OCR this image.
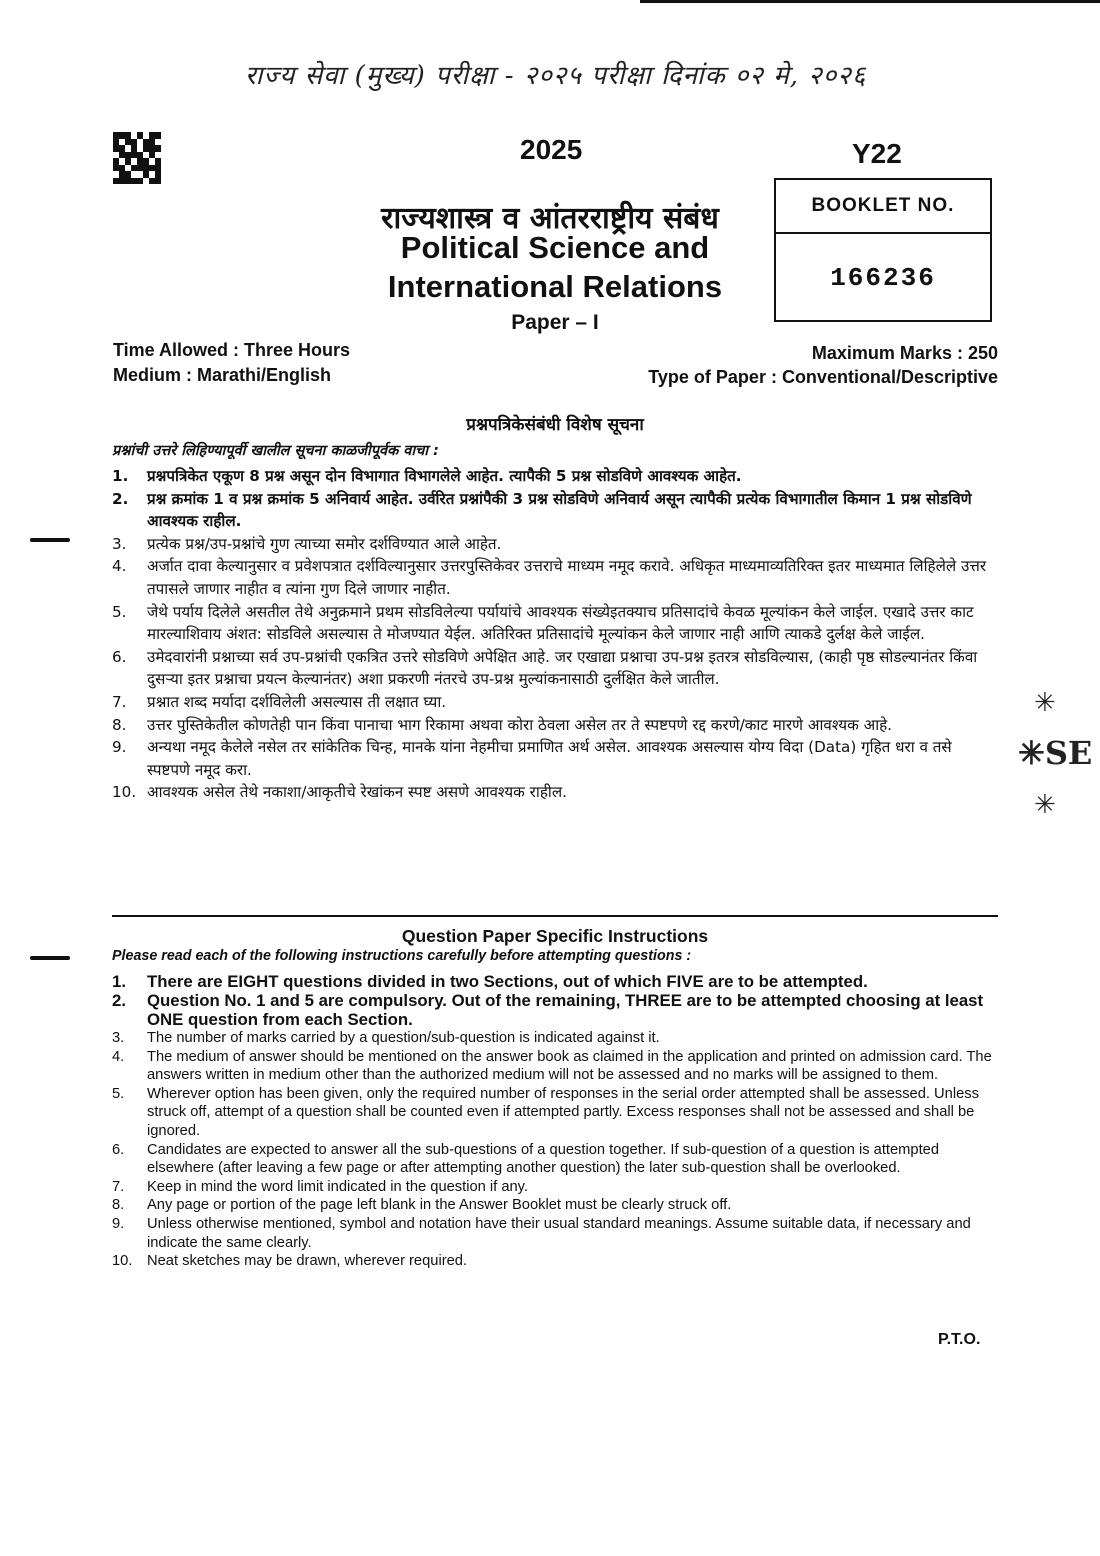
राज्य सेवा (मुख्य) परीक्षा - २०२५ परीक्षा दिनांक ०२ मे, २०२६
2025	Y22
BOOKLET NO.
166236
राज्यशास्त्र व आंतरराष्ट्रीय संबंध
Political Science and
International Relations
Paper – I
Time Allowed : Three Hours
Medium : Marathi/English
Maximum Marks : 250
Type of Paper : Conventional/Descriptive
प्रश्नपत्रिकेसंबंधी विशेष सूचना
प्रश्नांची उत्तरे लिहिण्यापूर्वी खालील सूचना काळजीपूर्वक वाचा :
1.	प्रश्नपत्रिकेत एकूण 8 प्रश्न असून दोन विभागात विभागलेले आहेत. त्यापैकी 5 प्रश्न सोडविणे आवश्यक आहेत.
2.	प्रश्न क्रमांक 1 व प्रश्न क्रमांक 5 अनिवार्य आहेत. उर्वरित प्रश्नांपैकी 3 प्रश्न सोडविणे अनिवार्य असून त्यापैकी प्रत्येक विभागातील किमान 1 प्रश्न सोडविणे आवश्यक राहील.
3.	प्रत्येक प्रश्न/उप-प्रश्नांचे गुण त्याच्या समोर दर्शविण्यात आले आहेत.
4.	अर्जात दावा केल्यानुसार व प्रवेशपत्रात दर्शविल्यानुसार उत्तरपुस्तिकेवर उत्तराचे माध्यम नमूद करावे. अधिकृत माध्यमाव्यतिरिक्त इतर माध्यमात लिहिलेले उत्तर तपासले जाणार नाहीत व त्यांना गुण दिले जाणार नाहीत.
5.	जेथे पर्याय दिलेले असतील तेथे अनुक्रमाने प्रथम सोडविलेल्या पर्यायांचे आवश्यक संख्येइतक्याच प्रतिसादांचे केवळ मूल्यांकन केले जाईल. एखादे उत्तर काट मारल्याशिवाय अंशत: सोडविले असल्यास ते मोजण्यात येईल. अतिरिक्त प्रतिसादांचे मूल्यांकन केले जाणार नाही आणि त्याकडे दुर्लक्ष केले जाईल.
6.	उमेदवारांनी प्रश्नाच्या सर्व उप-प्रश्नांची एकत्रित उत्तरे सोडविणे अपेक्षित आहे. जर एखाद्या प्रश्नाचा उप-प्रश्न इतरत्र सोडविल्यास, (काही पृष्ठ सोडल्यानंतर किंवा दुसऱ्या इतर प्रश्नाचा प्रयत्न केल्यानंतर) अशा प्रकरणी नंतरचे उप-प्रश्न मुल्यांकनासाठी दुर्लक्षित केले जातील.
7.	प्रश्नात शब्द मर्यादा दर्शविलेली असल्यास ती लक्षात घ्या.
8.	उत्तर पुस्तिकेतील कोणतेही पान किंवा पानाचा भाग रिकामा अथवा कोरा ठेवला असेल तर ते स्पष्टपणे रद्द करणे/काट मारणे आवश्यक आहे.
9.	अन्यथा नमूद केलेले नसेल तर सांकेतिक चिन्ह, मानके यांना नेहमीचा प्रमाणित अर्थ असेल. आवश्यक असल्यास योग्य विदा (Data) गृहित धरा व तसे स्पष्टपणे नमूद करा.
10. आवश्यक असेल तेथे नकाशा/आकृतीचे रेखांकन स्पष्ट असणे आवश्यक राहील.
Question Paper Specific Instructions
Please read each of the following instructions carefully before attempting questions :
1.	There are EIGHT questions divided in two Sections, out of which FIVE are to be attempted.
2.	Question No. 1 and 5 are compulsory. Out of the remaining, THREE are to be attempted choosing at least ONE question from each Section.
3.	The number of marks carried by a question/sub-question is indicated against it.
4.	The medium of answer should be mentioned on the answer book as claimed in the application and printed on admission card. The answers written in medium other than the authorized medium will not be assessed and no marks will be assigned to them.
5.	Wherever option has been given, only the required number of responses in the serial order attempted shall be assessed. Unless struck off, attempt of a question shall be counted even if attempted partly. Excess responses shall not be assessed and shall be ignored.
6.	Candidates are expected to answer all the sub-questions of a question together. If sub-question of a question is attempted elsewhere (after leaving a few page or after attempting another question) the later sub-question shall be overlooked.
7.	Keep in mind the word limit indicated in the question if any.
8.	Any page or portion of the page left blank in the Answer Booklet must be clearly struck off.
9.	Unless otherwise mentioned, symbol and notation have their usual standard meanings. Assume suitable data, if necessary and indicate the same clearly.
10. Neat sketches may be drawn, wherever required.
P.T.O.
✳
✳SE
✳
